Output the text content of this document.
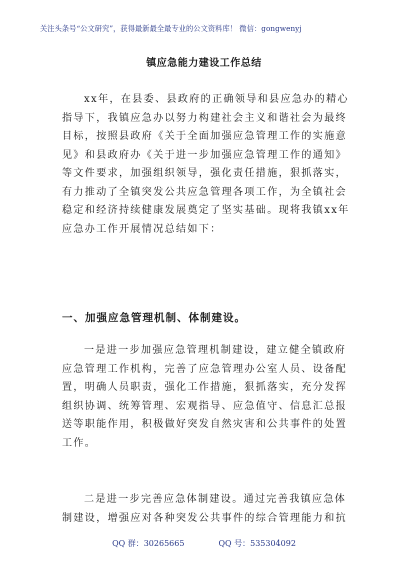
关注头条号“公文研究”，获得最新最全最专业的公文资料库！ 微信：gongwenyj
镇应急能力建设工作总结
xx年，在县委、县政府的正确领导和县应急办的精心
指导下，我镇应急办以努力构建社会主义和谐社会为最终
目标，按照县政府《关于全面加强应急管理工作的实施意
见》和县政府办《关于进一步加强应急管理工作的通知》
等文件要求，加强组织领导，强化责任措施，狠抓落实，
有力推动了全镇突发公共应急管理各项工作，为全镇社会
稳定和经济持续健康发展奠定了坚实基础。现将我镇xx年
应急办工作开展情况总结如下：
一、加强应急管理机制、体制建设。
一是进一步加强应急管理机制建设，建立健全镇政府
应急管理工作机构，完善了应急管理办公室人员、设备配
置，明确人员职责，强化工作措施，狠抓落实，充分发挥
组织协调、统筹管理、宏观指导、应急值守、信息汇总报
送等职能作用，积极做好突发自然灾害和公共事件的处置
工作。
二是进一步完善应急体制建设。通过完善我镇应急体
制建设，增强应对各种突发公共事件的综合管理能力和抗
QQ 群：30265665	QQ 号：535304092
